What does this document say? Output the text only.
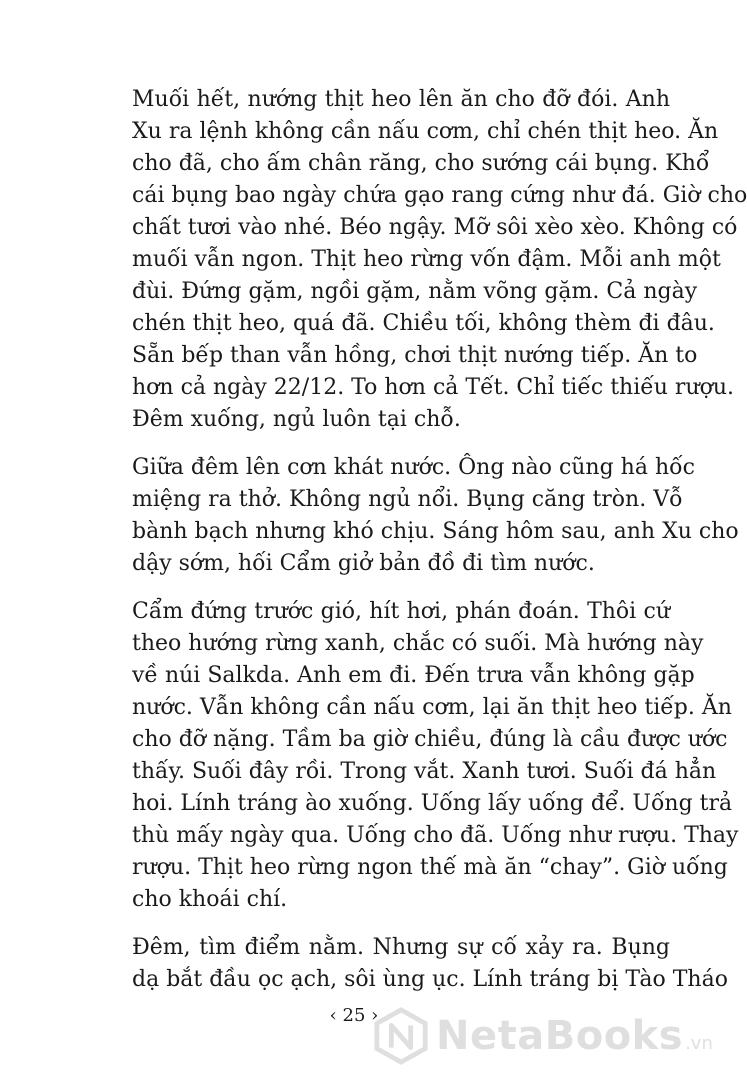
Muối hết, nướng thịt heo lên ăn cho đỡ đói. Anh
Xu ra lệnh không cần nấu cơm, chỉ chén thịt heo. Ăn
cho đã, cho ấm chân răng, cho sướng cái bụng. Khổ
cái bụng bao ngày chứa gạo rang cứng như đá. Giờ cho
chất tươi vào nhé. Béo ngậy. Mỡ sôi xèo xèo. Không có
muối vẫn ngon. Thịt heo rừng vốn đậm. Mỗi anh một
đùi. Đứng gặm, ngồi gặm, nằm võng gặm. Cả ngày
chén thịt heo, quá đã. Chiều tối, không thèm đi đâu.
Sẵn bếp than vẫn hồng, chơi thịt nướng tiếp. Ăn to
hơn cả ngày 22/12. To hơn cả Tết. Chỉ tiếc thiếu rượu.
Đêm xuống, ngủ luôn tại chỗ.
Giữa đêm lên cơn khát nước. Ông nào cũng há hốc
miệng ra thở. Không ngủ nổi. Bụng căng tròn. Vỗ
bành bạch nhưng khó chịu. Sáng hôm sau, anh Xu cho
dậy sớm, hối Cẩm giở bản đồ đi tìm nước.
Cẩm đứng trước gió, hít hơi, phán đoán. Thôi cứ
theo hướng rừng xanh, chắc có suối. Mà hướng này
về núi Salkda. Anh em đi. Đến trưa vẫn không gặp
nước. Vẫn không cần nấu cơm, lại ăn thịt heo tiếp. Ăn
cho đỡ nặng. Tầm ba giờ chiều, đúng là cầu được ước
thấy. Suối đây rồi. Trong vắt. Xanh tươi. Suối đá hẳn
hoi. Lính tráng ào xuống. Uống lấy uống để. Uống trả
thù mấy ngày qua. Uống cho đã. Uống như rượu. Thay
rượu. Thịt heo rừng ngon thế mà ăn “chay”. Giờ uống
cho khoái chí.
Đêm, tìm điểm nằm. Nhưng sự cố xảy ra. Bụng
dạ bắt đầu ọc ạch, sôi ùng ục. Lính tráng bị Tào Tháo
‹ 25 › NetaBooks .vn
